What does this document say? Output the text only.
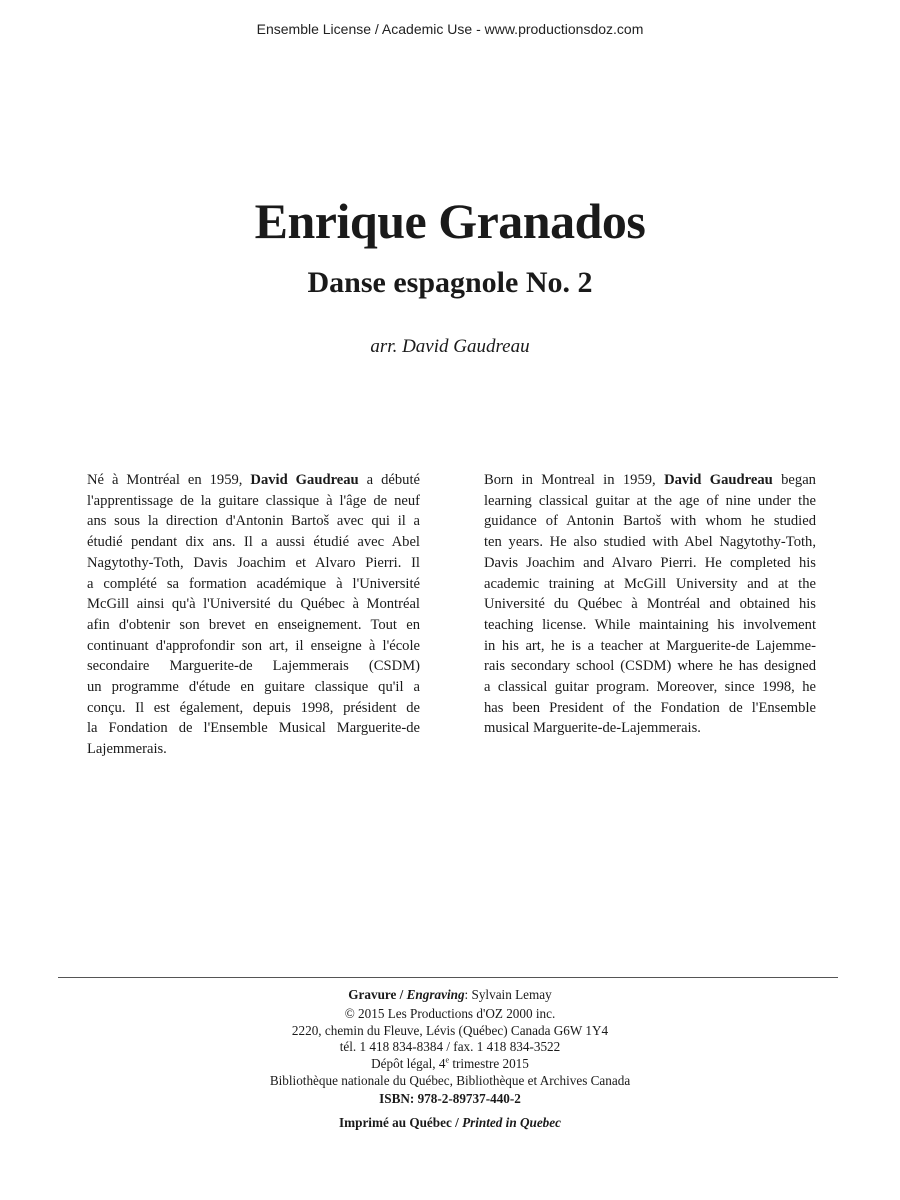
Ensemble License / Academic Use - www.productionsdoz.com
Enrique Granados
Danse espagnole No. 2
arr. David Gaudreau
Né à Montréal en 1959, David Gaudreau a débuté
l'apprentissage de la guitare classique à l'âge de neuf
ans sous la direction d'Antonin Bartoš avec qui il a
étudié pendant dix ans. Il a aussi étudié avec Abel
Nagytothy-Toth, Davis Joachim et Alvaro Pierri. Il
a complété sa formation académique à l'Université
McGill ainsi qu'à l'Université du Québec à Montréal
afin d'obtenir son brevet en enseignement. Tout en
continuant d'approfondir son art, il enseigne à l'école
secondaire Marguerite-de Lajemmerais (CSDM)
un programme d'étude en guitare classique qu'il a
conçu. Il est également, depuis 1998, président de
la Fondation de l'Ensemble Musical Marguerite-de
Lajemmerais.
Born in Montreal in 1959, David Gaudreau began
learning classical guitar at the age of nine under the
guidance of Antonin Bartoš with whom he studied
ten years. He also studied with Abel Nagytothy-Toth,
Davis Joachim and Alvaro Pierri. He completed his
academic training at McGill University and at the
Université du Québec à Montréal and obtained his
teaching license. While maintaining his involvement
in his art, he is a teacher at Marguerite-de Lajemme-
rais secondary school (CSDM) where he has designed
a classical guitar program. Moreover, since 1998, he
has been President of the Fondation de l'Ensemble
musical Marguerite-de-Lajemmerais.
Gravure / Engraving: Sylvain Lemay
© 2015 Les Productions d'OZ 2000 inc.
2220, chemin du Fleuve, Lévis (Québec) Canada G6W 1Y4
tél. 1 418 834-8384 / fax. 1 418 834-3522
Dépôt légal, 4e trimestre 2015
Bibliothèque nationale du Québec, Bibliothèque et Archives Canada
ISBN: 978-2-89737-440-2
Imprimé au Québec / Printed in Quebec
